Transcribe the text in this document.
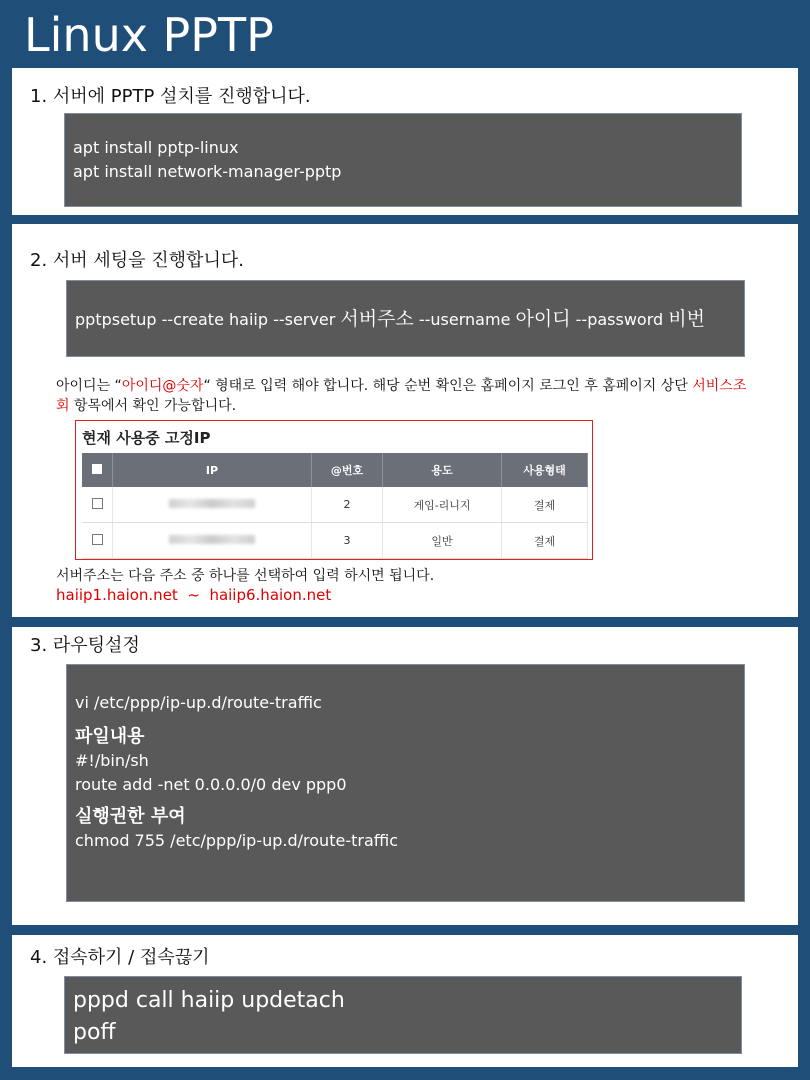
Linux PPTP
1. 서버에 PPTP 설치를 진행합니다.
apt install pptp-linux
apt install network-manager-pptp
2. 서버 세팅을 진행합니다.
pptpsetup --create haiip --server 서버주소 --username 아이디 --password 비번
아이디는 “아이디@숫자“ 형태로 입력 해야 합니다. 해당 순번 확인은 홈페이지 로그인 후 홈페이지 상단 서비스조회 항목에서 확인 가능합니다.
현재 사용중 고정IP
	IP	@번호	용도	사용형태
		2	게임-리니지	결제
		3	일반	결제

서버주소는 다음 주소 중 하나를 선택하여 입력 하시면 됩니다.
haiip1.haion.net  ~  haiip6.haion.net
3. 라우팅설정
vi /etc/ppp/ip-up.d/route-traffic
파일내용
#!/bin/sh
route add -net 0.0.0.0/0 dev ppp0
실행권한 부여
chmod 755 /etc/ppp/ip-up.d/route-traffic
4. 접속하기 / 접속끊기
pppd call haiip updetach
poff
